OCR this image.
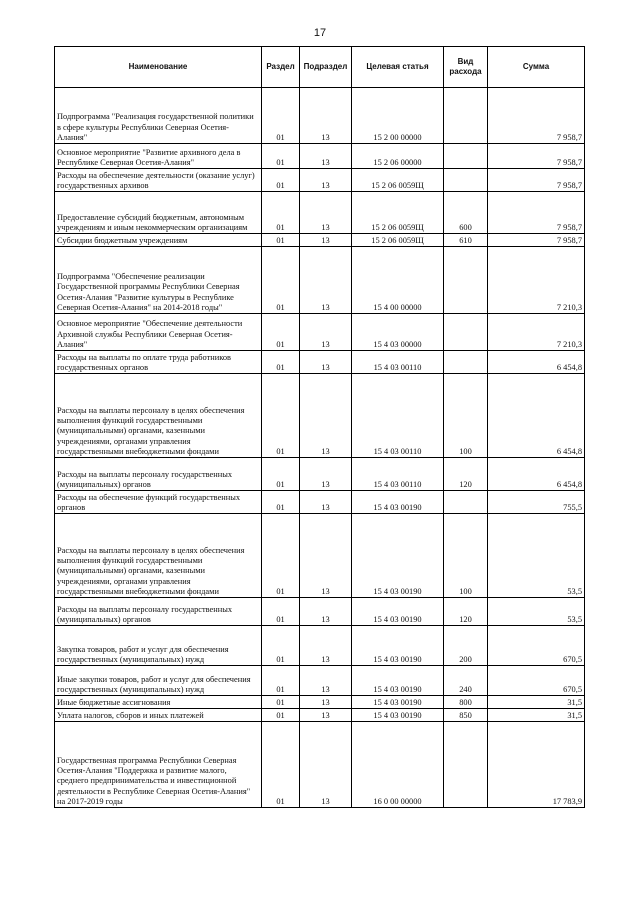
17
Наименование	Раздел	Подраздел	Целевая статья	Вид расхода	Сумма
Подпрограмма "Реализация государственной политики в сфере культуры Республики Северная Осетия-Алания"	01	13	15 2 00 00000		7 958,7
Основное мероприятие "Развитие архивного дела в Республике Северная Осетия-Алания"	01	13	15 2 06 00000		7 958,7
Расходы на обеспечение деятельности (оказание услуг) государственных архивов	01	13	15 2 06 0059Щ		7 958,7
Предоставление субсидий бюджетным, автономным учреждениям и иным некоммерческим организациям	01	13	15 2 06 0059Щ	600	7 958,7
Субсидии бюджетным учреждениям	01	13	15 2 06 0059Щ	610	7 958,7
Подпрограмма "Обеспечение реализации Государственной программы Республики Северная Осетия-Алания "Развитие культуры в Республике Северная Осетия-Алания" на 2014-2018 годы"	01	13	15 4 00 00000		7 210,3
Основное мероприятие "Обеспечение деятельности Архивной службы Республики Северная Осетия-Алания"	01	13	15 4 03 00000		7 210,3
Расходы на выплаты по оплате труда работников государственных органов	01	13	15 4 03 00110		6 454,8
Расходы на выплаты персоналу в целях обеспечения выполнения функций государственными (муниципальными) органами, казенными учреждениями, органами управления государственными внебюджетными фондами	01	13	15 4 03 00110	100	6 454,8
Расходы на выплаты персоналу государственных (муниципальных) органов	01	13	15 4 03 00110	120	6 454,8
Расходы на обеспечение функций государственных органов	01	13	15 4 03 00190		755,5
Расходы на выплаты персоналу в целях обеспечения выполнения функций государственными (муниципальными) органами, казенными учреждениями, органами управления государственными внебюджетными фондами	01	13	15 4 03 00190	100	53,5
Расходы на выплаты персоналу государственных (муниципальных) органов	01	13	15 4 03 00190	120	53,5
Закупка товаров, работ и услуг для обеспечения государственных (муниципальных) нужд	01	13	15 4 03 00190	200	670,5
Иные закупки товаров, работ и услуг для обеспечения государственных (муниципальных) нужд	01	13	15 4 03 00190	240	670,5
Иные бюджетные ассигнования	01	13	15 4 03 00190	800	31,5
Уплата налогов, сборов и иных платежей	01	13	15 4 03 00190	850	31,5
Государственная программа Республики Северная Осетия-Алания "Поддержка и развитие малого, среднего предпринимательства и инвестиционной деятельности в Республике Северная Осетия-Алания" на 2017-2019 годы	01	13	16 0 00 00000		17 783,9
